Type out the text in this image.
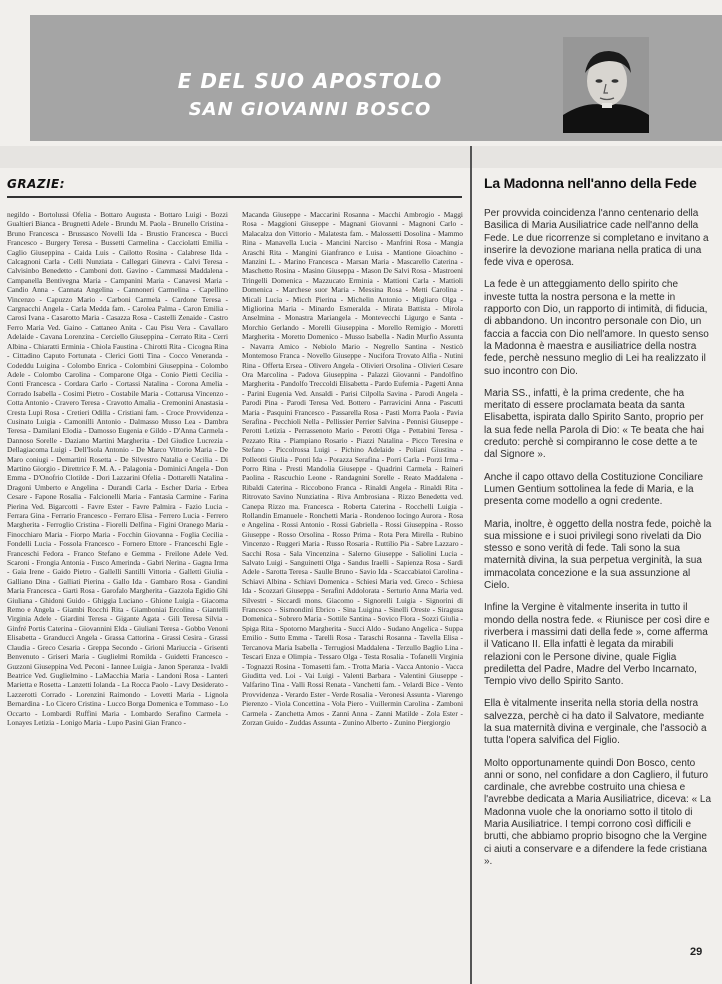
E DEL SUO APOSTOLO
SAN GIOVANNI BOSCO
GRAZIE:
negildo - Bortolussi Ofelia - Bottaro Augusta - Bottaro Luigi - Bozzi Gualtieri Bianca - Brugnetti Adele - Brundu M. Paola - Brunello Cristina - Bruno Francesca - Brussasco Novelli Ida - Brustio Francesca - Bucci Francesco - Burgery Teresa - Bussetti Carmelina - Cacciolatti Emilia - Caglio Giuseppina - Caida Luis - Cailotto Rosina - Calabrese Ilda - Calcagnoni Carla - Celli Nunziata - Callegari Ginevra - Calvi Teresa - Calvisinbo Benedetto - Camboni dott. Gavino - Cammassi Maddalena - Campanella Bentivegna Maria - Campanini Maria - Canavesi Maria - Candio Anna - Cannata Angelina - Cannoneri Carmelina - Capellino Vincenzo - Capuzzo Mario - Carboni Carmela - Cardone Teresa - Cargnacchi Angela - Carla Medda fam. - Carolea Palma - Caron Emilia - Carosi Ivana - Casarotto Maria - Casazza Rosa - Castelli Zenaide - Castro Ferro Maria Ved. Gaino - Cattaneo Anita - Cau Pisu Vera - Cavallaro Adelaide - Cavana Lorenzina - Cerciello Giuseppina - Cerrato Rita - Cerri Albina - Chiaratti Erminia - Chiola Faustina - Chirotti Rita - Cicogna Rina - Cittadino Caputo Fortunata - Clerici Gotti Tina - Cocco Veneranda - Codeddu Luigina - Colombo Enrica - Colombini Giuseppina - Colombo Adele - Colombo Carolina - Comparone Olga - Conio Pietti Cecilia - Conti Francesca - Cordara Carlo - Cortassi Natalina - Corona Amelia - Corrado Isabella - Cosimi Pietro - Costabile Maria - Cottarusa Vincenzo - Cotta Antonio - Cravero Teresa - Cravotto Amalia - Cremonini Anastasia - Cresta Lupi Rosa - Cretieri Odilla - Cristiani fam. - Croce Provvidenza - Cusinato Luigia - Camonilli Antonio - Dalmasso Musso Lea - Dambra Teresa - Damilani Elodia - Damosso Eugenia e Gildo - D'Anna Carmela - Dannoso Sorelle - Daziano Martini Margherita - Del Giudice Lucrezia - Dellagiacoma Luigi - Dell'Isola Antonio - De Marco Vittorio Maria - De Maro coniugi - Demartini Rosetta - De Silvestro Natalia e Cecilia - Di Martino Giorgio - Direttrice F. M. A. - Palagonia - Dominici Angela - Don Emma - D'Onofrio Clotilde - Dori Lazzarini Ofelia - Dottarelli Natalina - Dragoni Umberto e Angelina - Durandi Carla - Escher Daria - Erbea Cesare - Fapone Rosalia - Falcionelli Maria - Fantasia Carmine - Farina Pierina Ved. Bigarcotti - Favre Ester - Favre Palmira - Fazio Lucia - Ferrara Gina - Ferrario Francesco - Ferraro Elisa - Ferrero Lucia - Ferrero Margherita - Ferroglio Cristina - Fiorelli Delfina - Figini Oranego Maria - Finocchiaro Maria - Fiorpo Maria - Focchin Giovanna - Foglia Cecilia - Fondelli Lucia - Fossola Francesco - Fornero Ettore - Franceschi Egle - Franceschi Fedora - Franco Stefano e Gemma - Freilone Adele Ved. Scaroni - Frongia Antonia - Fusco Amerinda - Gabri Nerina - Gagna Irma - Gaia Irene - Gaido Pietro - Gallelli Santilli Vittoria - Galletti Giulia - Galliano Dina - Galliati Pierina - Gallo Ida - Gambaro Rosa - Gandini Maria Francesca - Garti Rosa - Garofalo Margherita - Gazzola Egidio Ghi Giuliana - Ghidoni Guido - Ghiggia Luciano - Ghione Luigia - Giacoma Remo e Angela - Giambi Rocchi Rita - Giamboniai Ercolina - Giantelli Virginia Adele - Giardini Teresa - Gigante Agata - Gili Teresa Silvia - Ginfré Portis Caterina - Giovannini Elda - Giuliani Teresa - Gobbo Venoni Elisabetta - Granducci Angela - Grassa Cattorina - Grassi Cesira - Grassi Claudia - Greco Cesaria - Greppa Secondo - Grioni Mariuccia - Grisenti Benvenuto - Griseri Maria - Guglielmi Romilda - Guidetti Francesco - Guzzoni Giuseppina Ved. Peconi - Iannee Luigia - Janon Speranza - Ivaldi Beatrice Ved. Guglielmino - LaMacchia Maria - Landoni Rosa - Lanteri Marietta e Rosetta - Lanzetti Iolanda - La Rocca Paolo - Lavy Desiderato - Lazzerotti Corrado - Lorenzini Raimondo - Lovetti Maria - Lignola Bernardina - Lo Cicero Cristina - Lucco Borga Domenica e Tommaso - Lo Occarto - Lombardi Ruffini Maria - Lombardo Serafino Carmela - Lonayes Letizia - Lonigo Maria - Lupo Pasini Gian Franco -
Macanda Giuseppe - Maccarini Rosanna - Macchi Ambrogio - Maggi Rosa - Maggioni Giuseppe - Magnani Giovanni - Magnoni Carlo - Malacalza don Vittorio - Malatesta fam. - Malossetti Dosolina - Mammo Rina - Manavella Lucia - Mancini Narciso - Manfrini Rosa - Mangia Araschi Rita - Mangini Gianfranco e Luisa - Mantione Gioachino - Manzini L. - Marino Francesca - Marsan Maria - Mascarello Caterina - Maschetto Rosina - Masino Giuseppa - Mason De Salvi Rosa - Mastroeni Tringelli Domenica - Mazzucato Erminia - Mattioni Carla - Mattioli Domenica - Marchese suor Maria - Messina Rosa - Metti Carolina - Micali Lucia - Micch Pierina - Michelin Antonio - Migliaro Olga - Migliorina Maria - Minardo Esmeralda - Mirata Battista - Mirola Anselmina - Monastra Mariangela - Montevecchi Ligurgo e Santa - Morchio Gerlando - Morelli Giuseppina - Morello Remigio - Moretti Margherita - Moretto Domenico - Musso Isabella - Nadin Murfio Assunta - Navarra Amico - Nebiolo Mario - Negrello Santina - Nesticò Montemoso Franca - Novello Giuseppe - Nucifora Trovato Alfia - Nutini Rina - Offerta Ersea - Olivero Angela - Olivieri Orsolina - Olivieri Cesare Ora Marcolina - Padova Giuseppina - Palazzi Giovanni - Pandolfino Margherita - Pandolfo Treccoldi Elisabetta - Pardo Eufemia - Pagetti Anna - Parini Eugenia Ved. Ansaldi - Parisi Cilpolla Savina - Parodi Angela - Parodi Pina - Parodi Teresa Ved. Bottero - Parravicini Anna - Pascutti Maria - Pasquini Francesco - Passarella Rosa - Pasti Morra Paola - Pavia Serafina - Pecchioli Nella - Pellissier Perrier Salvina - Pennisi Giuseppe - Perotti Letizia - Perrassenoto Mario - Perotti Olga - Pettabini Teresa - Pezzato Rita - Piampiano Rosario - Piazzi Natalina - Picco Teresina e Stefano - Piccolrossa Luigi - Pichino Adelaide - Poliani Giustina - Polleotti Giulia - Ponti Ida - Porazza Serafina - Porri Carla - Porzi Irma - Porro Rina - Presti Mandolia Giuseppe - Quadrini Carmela - Raineri Paolina - Rascuchio Leone - Randagnini Sorelle - Reato Maddalena - Ribaldi Caterina - Riccobono Franca - Rinaldi Angela - Rinaldi Rita - Ritrovato Savino Nunziatina - Riva Ambrosiana - Rizzo Benedetta ved. Canepa Rizzo ma. Francesca - Roberta Caterina - Rocchelli Luigia - Rollandin Emanuele - Ronchetti Maria - Rondenoo Iocingo Aurora - Rosa e Angelina - Rossi Antonio - Rossi Gabriella - Rossi Giuseppina - Rosso Giuseppe - Rosso Orsolina - Rosso Prima - Rota Pera Mirella - Rubino Vincenzo - Ruggeri Maria - Russo Rosaria - Ruttilio Pia - Sabre Lazzaro - Sacchi Rosa - Sala Vincenzina - Salerno Giuseppe - Saliolini Lucia - Salvato Luigi - Sanguinetti Olga - Sandus Iraelli - Sapienza Rosa - Sardi Adele - Sarotta Teresa - Saulle Bruno - Savio Ida - Scaccabiatoi Carolina - Schiavi Albina - Schiavi Domenica - Schiesi Maria ved. Greco - Schiesa Ida - Scozzari Giuseppa - Serafini Addolorata - Serturio Anna Maria ved. Silvestri - Siccardi mons. Giacomo - Signorelli Luigia - Signorini di Francesco - Sismondini Ebrico - Sina Luigina - Sinelli Oreste - Siragusa Domenica - Sobrero Maria - Sottile Santina - Sovico Flora - Sozzi Giulia - Spiga Rita - Spotorno Margherita - Succi Aldo - Sudano Angelica - Suppa Emilio - Sutto Emma - Tarelli Rosa - Taraschi Rosanna - Tavella Elisa - Tercanova Maria Isabella - Terrugiosi Maddalena - Terzullo Baglio Lina - Tescari Enza e Olimpia - Tessaro Olga - Testa Rosalia - Tofanelli Virginia - Tognazzi Rosina - Tomasetti fam. - Trotta Maria - Vacca Antonio - Vacca Giuditta ved. Loi - Vai Luigi - Valenti Barbara - Valentini Giuseppe - Valfarino Tina - Valli Rossi Renata - Vanchetti fam. - Velardi Bice - Vento Provvidenza - Verardo Ester - Verde Rosalia - Veronesi Assunta - Viarengo Pierenzo - Viola Concettina - Vola Piero - Vuillermin Carolina - Zamboni Carmela - Zanchetta Amos - Zanni Anna - Zanni Matilde - Zola Ester - Zorzan Guido - Zuddas Assunta - Zunino Alberto - Zunino Piergiorgio
La Madonna nell'anno della Fede

Per provvida coincidenza l'anno centenario della Basilica di Maria Ausiliatrice cade nell'anno della Fede. Le due ricorrenze si completano e invitano a inserire la devozione mariana nella pratica di una fede viva e operosa.

La fede è un atteggiamento dello spirito che investe tutta la nostra persona e la mette in rapporto con Dio, un rapporto di intimità, di fiducia, di abbandono. Un incontro personale con Dio, un faccia a faccia con Dio nell'amore. In questo senso la Madonna è maestra e ausiliatrice della nostra fede, perchè nessuno meglio di Lei ha realizzato il suo incontro con Dio.

Maria SS., infatti, è la prima credente, che ha meritato di essere proclamata beata da santa Elisabetta, ispirata dallo Spirito Santo, proprio per la sua fede nella Parola di Dio: « Te beata che hai creduto: perchè si compiranno le cose dette a te dal Signore ».

Anche il capo ottavo della Costituzione Conciliare Lumen Gentium sottolinea la fede di Maria, e la presenta come modello a ogni credente.

Maria, inoltre, è oggetto della nostra fede, poichè la sua missione e i suoi privilegi sono rivelati da Dio stesso e sono verità di fede. Tali sono la sua maternità divina, la sua perpetua verginità, la sua immacolata concezione e la sua assunzione al Cielo.

Infine la Vergine è vitalmente inserita in tutto il mondo della nostra fede. « Riunisce per così dire e riverbera i massimi dati della fede », come afferma il Vaticano II. Ella infatti è legata da mirabili relazioni con le Persone divine, quale Figlia prediletta del Padre, Madre del Verbo Incarnato, Tempio vivo dello Spirito Santo.

Ella è vitalmente inserita nella storia della nostra salvezza, perchè ci ha dato il Salvatore, mediante la sua maternità divina e verginale, che l'associò a tutta l'opera salvifica del Figlio.

Molto opportunamente quindi Don Bosco, cento anni or sono, nel confidare a don Cagliero, il futuro cardinale, che avrebbe costruito una chiesa e l'avrebbe dedicata a Maria Ausiliatrice, diceva: « La Madonna vuole che la onoriamo sotto il titolo di Maria Ausiliatrice. I tempi corrono così difficili e brutti, che abbiamo proprio bisogno che la Vergine ci aiuti a conservare e a difendere la fede cristiana ».

29
